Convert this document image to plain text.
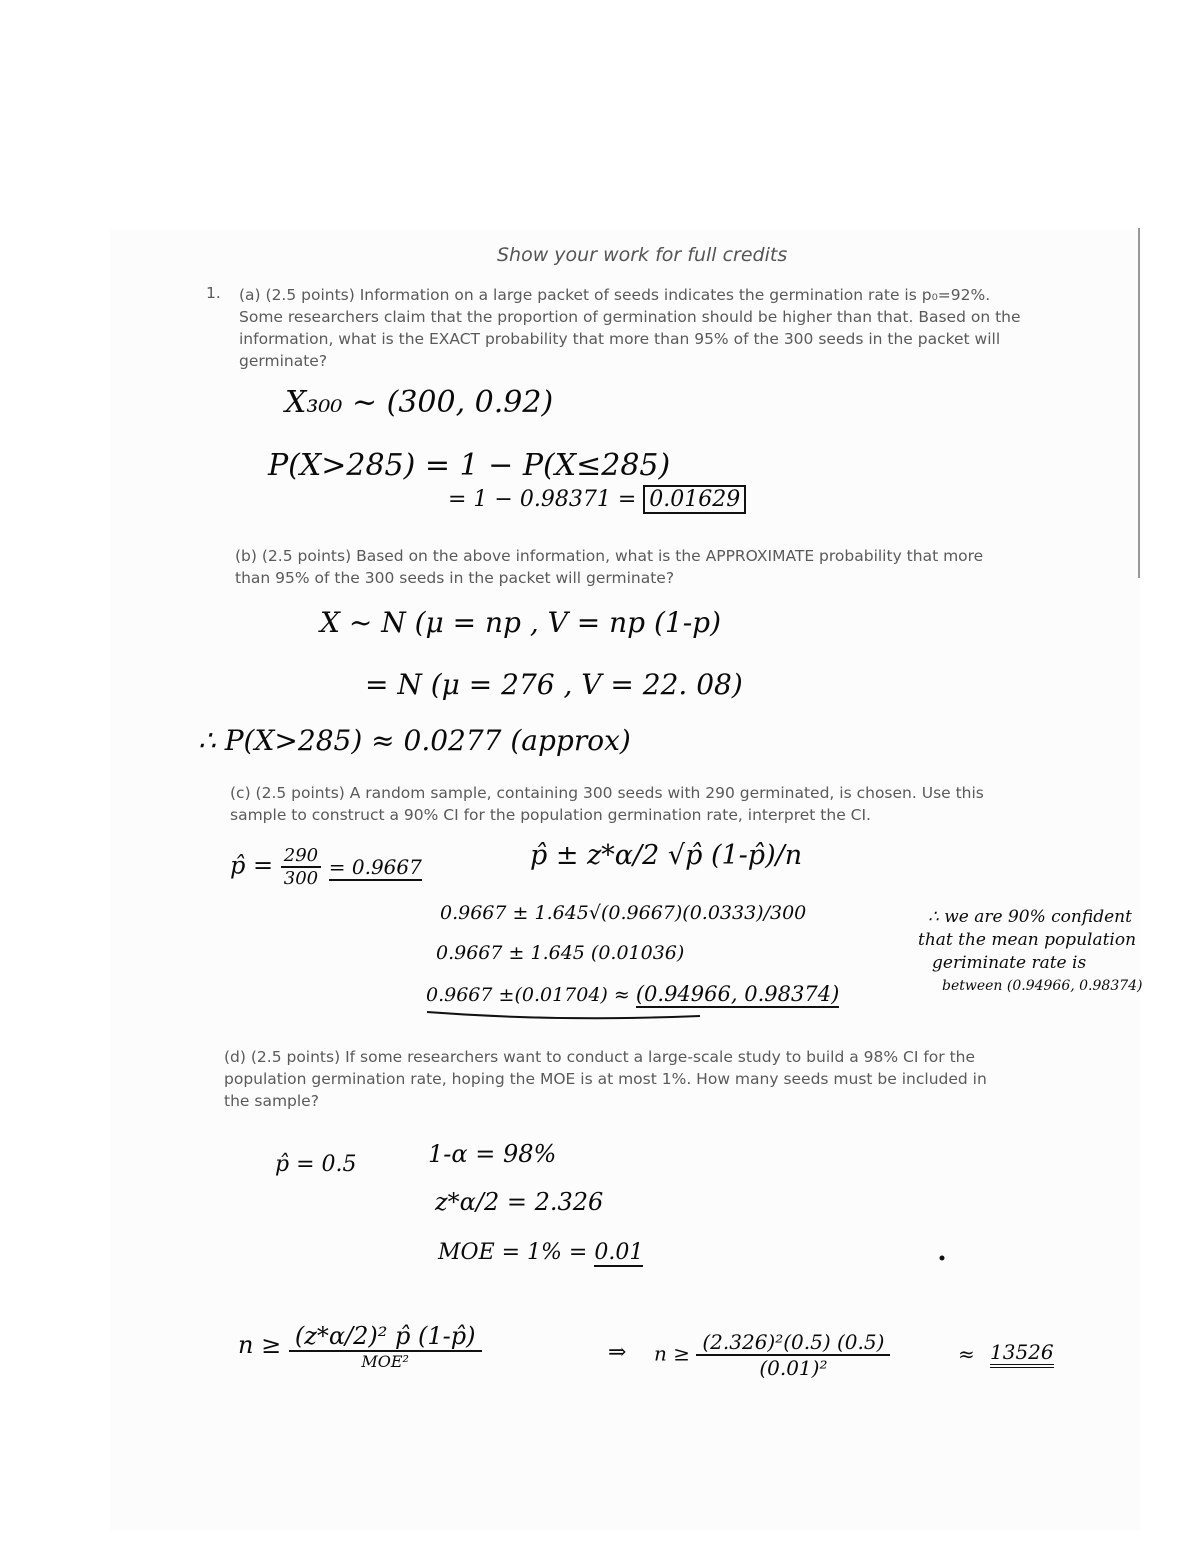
Show your work for full credits
1. (a) (2.5 points) Information on a large packet of seeds indicates the germination rate is p₀=92%. Some researchers claim that the proportion of germination should be higher than that. Based on the information, what is the EXACT probability that more than 95% of the 300 seeds in the packet will germinate?
X₃₀₀ ~ (300, 0.92)
P(X>285) = 1 − P(X≤285)
= 1 − 0.98371 = 0.01629
(b) (2.5 points) Based on the above information, what is the APPROXIMATE probability that more than 95% of the 300 seeds in the packet will germinate?
X ~ N (μ = np , V = np (1-p)
= N (μ = 276 , V = 22. 08)
∴ P(X>285) ≈ 0.0277 (approx)
(c) (2.5 points) A random sample, containing 300 seeds with 290 germinated, is chosen. Use this sample to construct a 90% CI for the population germination rate, interpret the CI.
p̂ = $\frac{290}{300} = 0.9667$	p̂ ± z*α/2 √p̂ (1-p̂)/n
0.9667 ± 1.645√(0.9667)(0.0333)/300
0.9667 ± 1.645 (0.01036)
0.9667 ±(0.01704) ≈ (0.94966, 0.98374)
∴ we are 90% confident
that the mean population
geriminate rate is
between (0.94966, 0.98374)
(d) (2.5 points) If some researchers want to conduct a large-scale study to build a 98% CI for the population germination rate, hoping the MOE is at most 1%. How many seeds must be included in the sample?
p̂ = 0.5	1-α = 98%
z*α/2 = 2.326
MOE = 1% = 0.01
$n \ge \frac{\text{(z*α/2)² p̂ (1-p̂)}}{\text{MOE²}}$	⇒ $n \ge \frac{\text{(2.326)²(0.5) (0.5)}}{\text{(0.01)²}}$	≈ 13526
